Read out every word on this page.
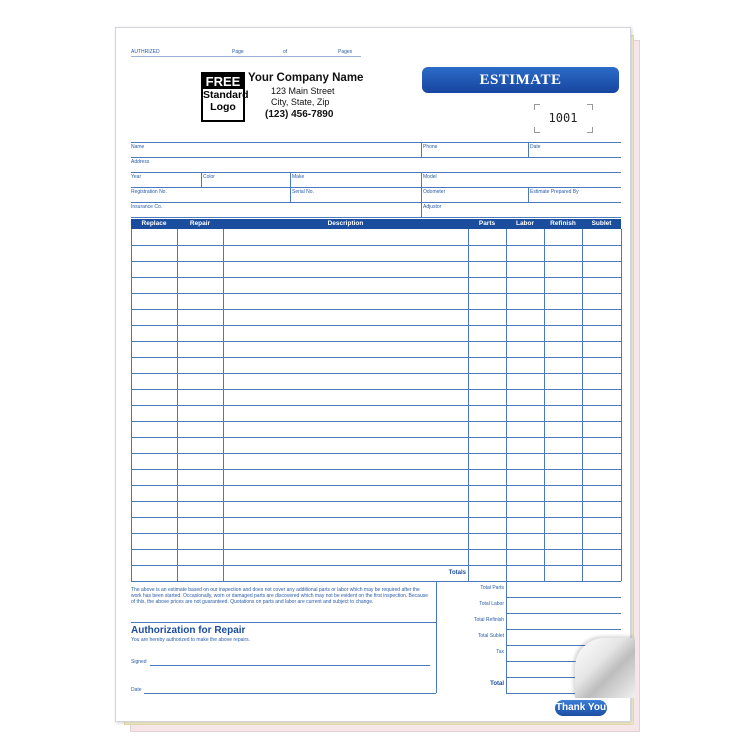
AUTHRIZED	Page	of	Pages
FREE
Standard
Logo
Your Company Name
123 Main Street
City, State, Zip
(123) 456-7890
ESTIMATE
1001
Name	Phone	Date
Address
Year	Color	Make	Model
Registration No.	Serial No.	Odometer	Estimate Prepared By
Insurance Co.	Adjustor
Replace	Repair	Description	Parts	Labor	Refinish	Sublet
Totals
The above is an estimate based on our inspection and does not cover any additional parts or labor which may be required after the work has been started. Occasionally, worn or damaged parts are discovered which may not be evident on the first inspection. Because of this, the above prices are not guaranteed. Quotations on parts and labor are current and subject to change.
Authorization for Repair
You are hereby authorized to make the above repairs.
Signed
Date
Total Parts
Total Labor
Total Refinish
Total Sublet
Tax
Total
Thank You
